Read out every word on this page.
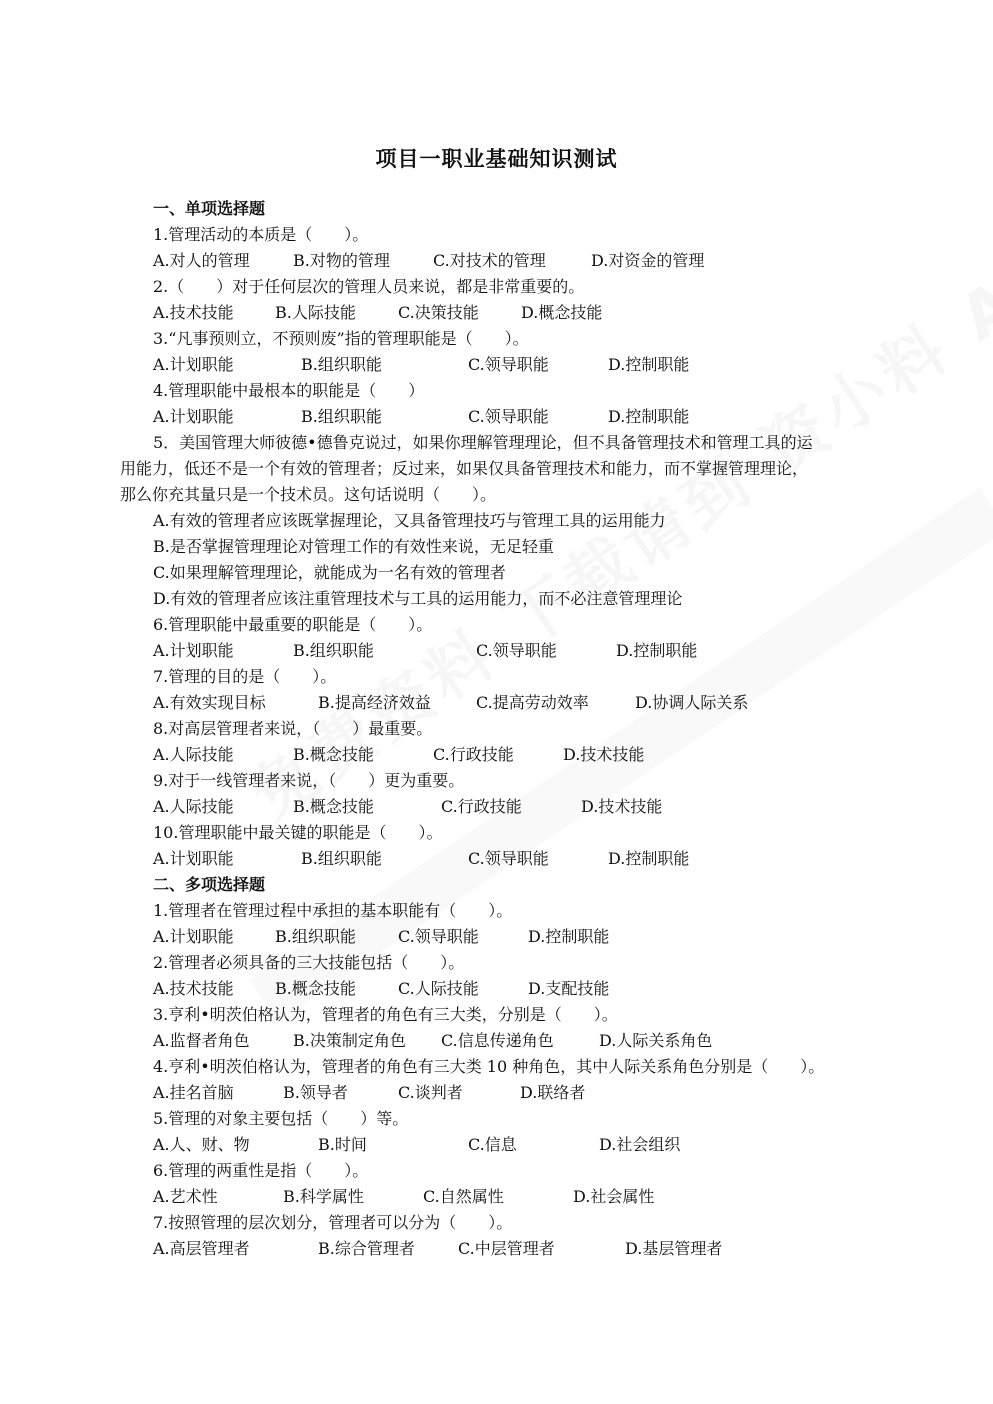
项目一职业基础知识测试
一、单项选择题
1.管理活动的本质是（　　）。
A.对人的管理	B.对物的管理	C.对技术的管理	D.对资金的管理
2.（　　）对于任何层次的管理人员来说，都是非常重要的。
A.技术技能	B.人际技能	C.决策技能	D.概念技能
3.“凡事预则立，不预则废”指的管理职能是（　　）。
A.计划职能	B.组织职能	C.领导职能	D.控制职能
4.管理职能中最根本的职能是（　　）
A.计划职能	B.组织职能	C.领导职能	D.控制职能
5．美国管理大师彼德•德鲁克说过，如果你理解管理理论，但不具备管理技术和管理工具的运
用能力，低还不是一个有效的管理者；反过来，如果仅具备管理技术和能力，而不掌握管理理论，
那么你充其量只是一个技术员。这句话说明（　　）。
A.有效的管理者应该既掌握理论，又具备管理技巧与管理工具的运用能力
B.是否掌握管理理论对管理工作的有效性来说，无足轻重
C.如果理解管理理论，就能成为一名有效的管理者
D.有效的管理者应该注重管理技术与工具的运用能力，而不必注意管理理论
6.管理职能中最重要的职能是（　　）。
A.计划职能	B.组织职能	C.领导职能	D.控制职能
7.管理的目的是（　　）。
A.有效实现目标	B.提高经济效益	C.提高劳动效率	D.协调人际关系
8.对高层管理者来说，（　　）最重要。
A.人际技能	B.概念技能	C.行政技能	D.技术技能
9.对于一线管理者来说，（　　）更为重要。
A.人际技能	B.概念技能	C.行政技能	D.技术技能
10.管理职能中最关键的职能是（　　）。
A.计划职能	B.组织职能	C.领导职能	D.控制职能
二、多项选择题
1.管理者在管理过程中承担的基本职能有（　　）。
A.计划职能	B.组织职能	C.领导职能	D.控制职能
2.管理者必须具备的三大技能包括（　　）。
A.技术技能	B.概念技能	C.人际技能	D.支配技能
3.亨利•明茨伯格认为，管理者的角色有三大类，分别是（　　）。
A.监督者角色	B.决策制定角色 C.信息传递角色	D.人际关系角色
4.亨利•明茨伯格认为，管理者的角色有三大类 10 种角色，其中人际关系角色分别是（　　）。
A.挂名首脑	B.领导者	C.谈判者	D.联络者
5.管理的对象主要包括（　　）等。
A.人、财、物	B.时间	C.信息	D.社会组织
6.管理的两重性是指（　　）。
A.艺术性	B.科学属性	C.自然属性	D.社会属性
7.按照管理的层次划分，管理者可以分为（　　）。
A.高层管理者	B.综合管理者	C.中层管理者	D.基层管理者
